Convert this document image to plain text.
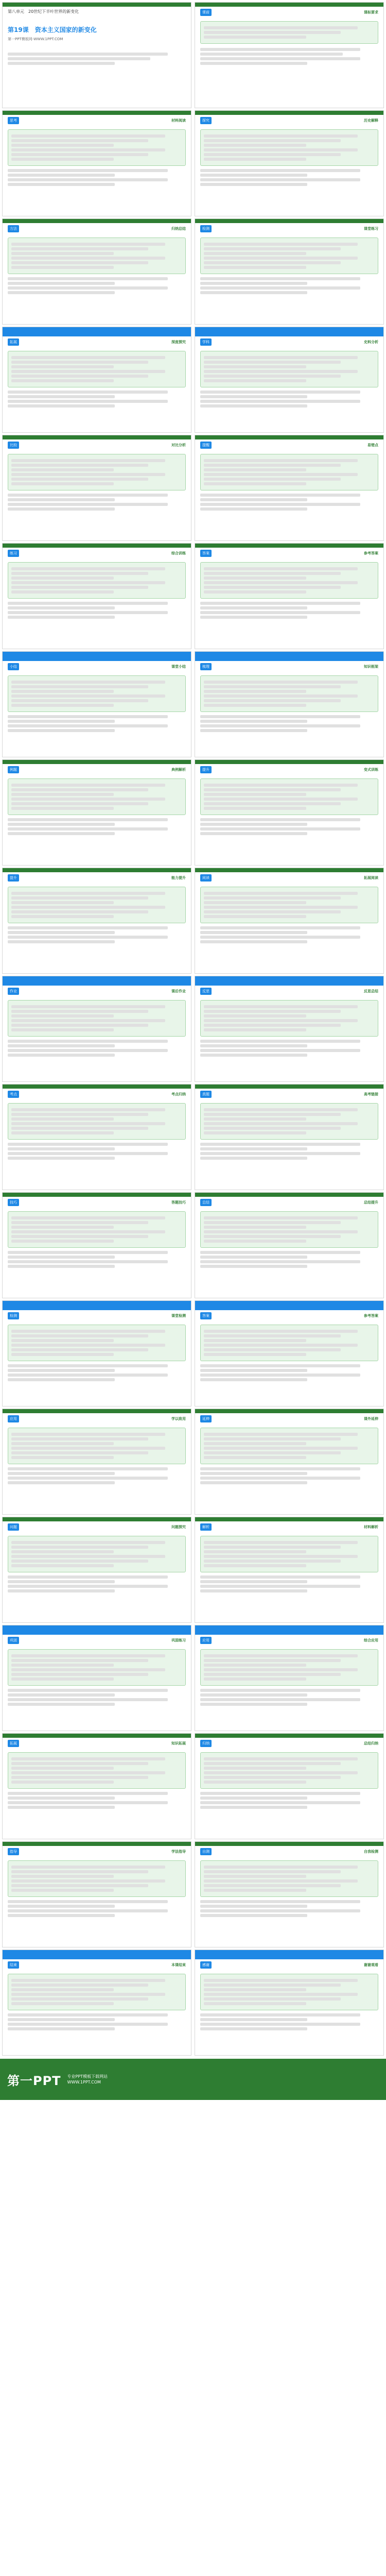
第八单元　20世纪下半叶世界的新变化
第19课　资本主义国家的新变化
第一PPT模板网-WWW.1PPT.COM
课前	课标要求
思考	材料阅读	探究	历史解释
方法	归纳总结	检测	课堂练习
拓展	深度探究	学科	史料分析
比较	对比分析	提醒	易错点
练习	综合训练	答案	参考答案
小结	课堂小结	梳理	知识框架
例题	典例解析	提升	变式训练
提升	能力提升	阅读	拓展阅读
作业	课后作业	反思	反思总结
考点	考点归纳	真题	高考链接
技巧	答题技巧	总结	总结提升
检测	课堂检测	答案	参考答案
应用	学以致用	延伸	课外延伸
问题	问题探究	解析	材料解析
巩固	巩固练习	应用	综合应用
拓展	知识拓展	归纳	总结归纳
指导	学法指导	自测	自我检测
结束	本课结束	感谢	谢谢观看
第一PPT 专业PPT模板下载网站
WWW.1PPT.COM
